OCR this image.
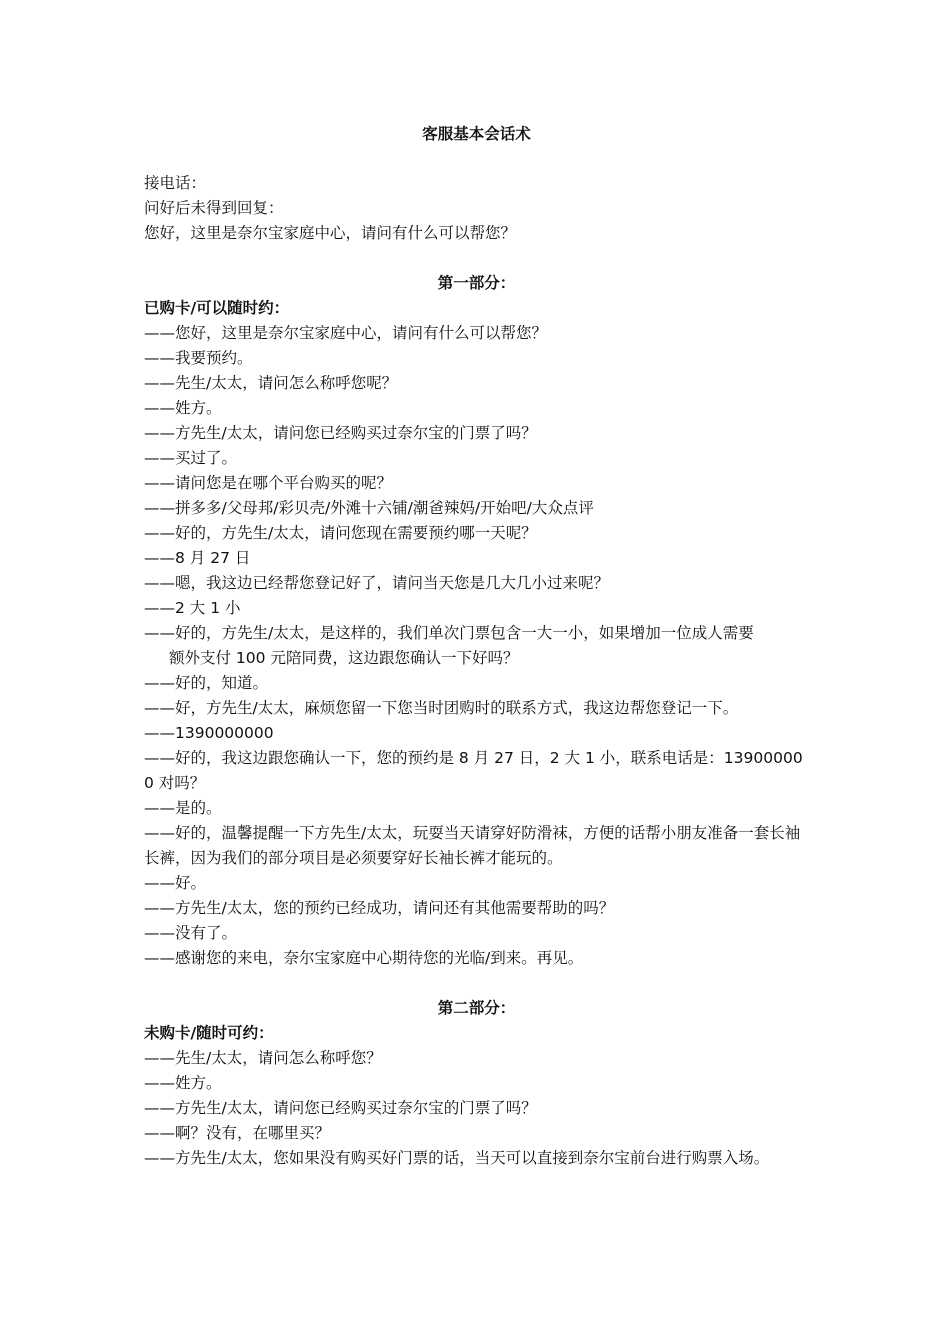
客服基本会话术

接电话：

问好后未得到回复：

您好，这里是奈尔宝家庭中心，请问有什么可以帮您？

第一部分：

已购卡/可以随时约：

——您好，这里是奈尔宝家庭中心，请问有什么可以帮您？

——我要预约。

——先生/太太，请问怎么称呼您呢？

——姓方。

——方先生/太太，请问您已经购买过奈尔宝的门票了吗？

——买过了。

——请问您是在哪个平台购买的呢？

——拼多多/父母邦/彩贝壳/外滩十六铺/潮爸辣妈/开始吧/大众点评

——好的，方先生/太太，请问您现在需要预约哪一天呢？

——8 月 27 日

——嗯，我这边已经帮您登记好了，请问当天您是几大几小过来呢？

——2 大 1 小

——好的，方先生/太太，是这样的，我们单次门票包含一大一小，如果增加一位成人需要

额外支付 100 元陪同费，这边跟您确认一下好吗？

——好的，知道。

——好，方先生/太太，麻烦您留一下您当时团购时的联系方式，我这边帮您登记一下。

——1390000000

——好的，我这边跟您确认一下，您的预约是 8 月 27 日，2 大 1 小，联系电话是：139000000 对吗？

——是的。

——好的，温馨提醒一下方先生/太太，玩耍当天请穿好防滑袜，方便的话帮小朋友准备一套长袖长裤，因为我们的部分项目是必须要穿好长袖长裤才能玩的。

——好。

——方先生/太太，您的预约已经成功，请问还有其他需要帮助的吗？

——没有了。

——感谢您的来电，奈尔宝家庭中心期待您的光临/到来。再见。

第二部分：

未购卡/随时可约：

——先生/太太，请问怎么称呼您？

——姓方。

——方先生/太太，请问您已经购买过奈尔宝的门票了吗？

——啊？没有，在哪里买？

——方先生/太太，您如果没有购买好门票的话，当天可以直接到奈尔宝前台进行购票入场。
